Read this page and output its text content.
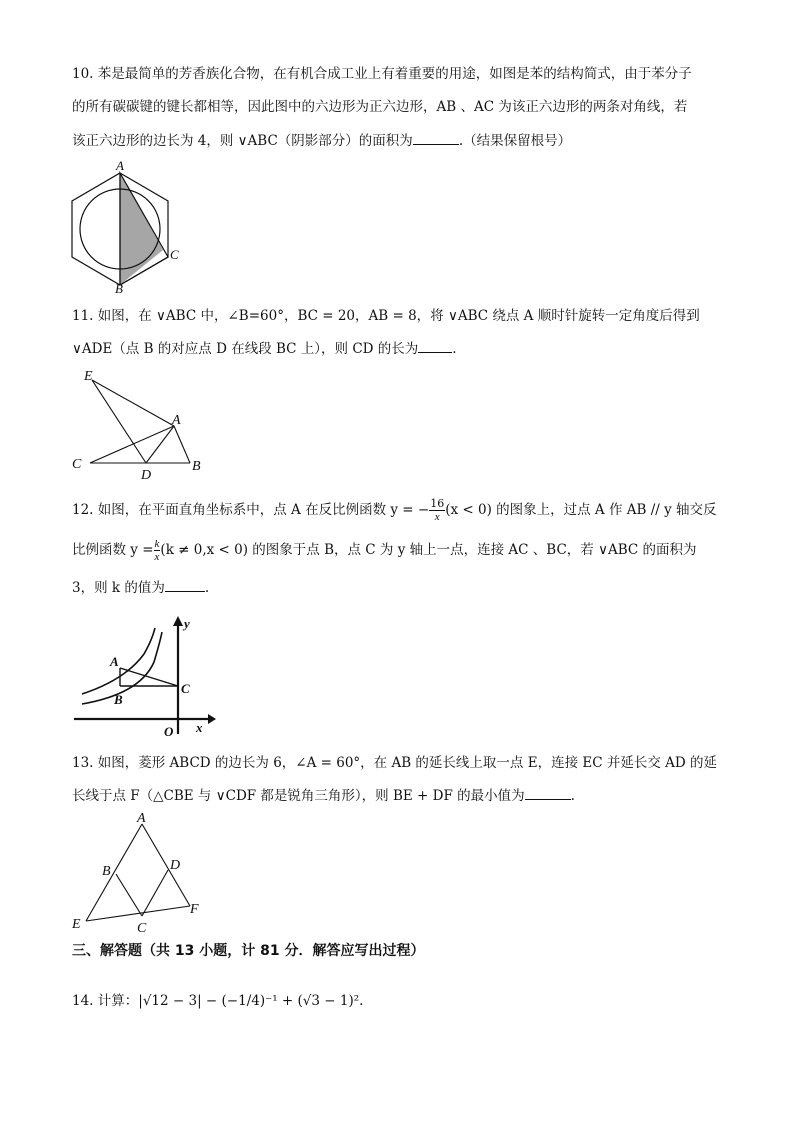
10. 苯是最简单的芳香族化合物，在有机合成工业上有着重要的用途，如图是苯的结构简式，由于苯分子
的所有碳碳键的键长都相等，因此图中的六边形为正六边形，AB 、AC 为该正六边形的两条对角线，若
该正六边形的边长为 4，则 ∨ABC（阴影部分）的面积为	.（结果保留根号）
A
C
B
11. 如图，在 ∨ABC 中，∠B=60°，BC = 20，AB = 8，将 ∨ABC 绕点 A 顺时针旋转一定角度后得到
∨ADE（点 B 的对应点 D 在线段 BC 上），则 CD 的长为	.
E
A
C
D
B
12. 如图，在平面直角坐标系中，点 A 在反比例函数 y = − $\frac{16}{x} (x < 0)$ 的图象上，过点 A 作 AB // y 轴交反
比例函数 $y = \frac{k}{x} (k \ne 0,x < 0)$ 的图象于点 B，点 C 为 y 轴上一点，连接 AC 、BC，若 ∨ABC 的面积为
3，则 k 的值为	.
y
A
B
C
O x
13. 如图，菱形 ABCD 的边长为 6，∠A = 60°，在 AB 的延长线上取一点 E，连接 EC 并延长交 AD 的延
长线于点 F（△CBE 与 ∨CDF 都是锐角三角形），则 BE + DF 的最小值为	.
A
B	D
E	C
F
三、解答题（共 13 小题，计 81 分．解答应写出过程）
14. 计算：|√12 − 3| − (−1/4)⁻¹ + (√3 − 1)².
